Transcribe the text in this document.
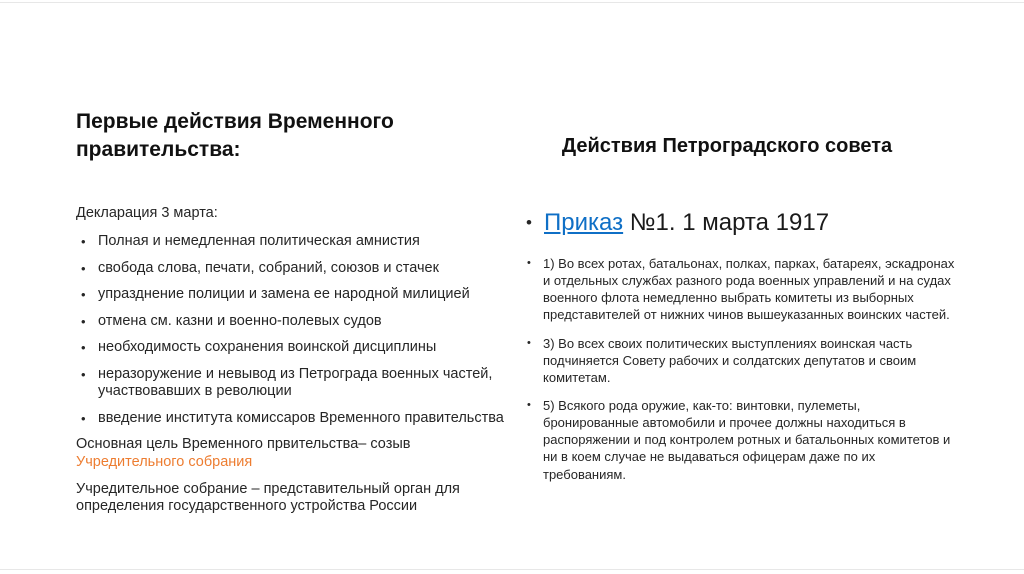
Первые действия Временного правительства:

Декларация 3 марта:

• Полная и немедленная политическая амнистия
• свобода слова, печати, собраний, союзов и стачек
• упразднение полиции и замена ее народной милицией
• отмена см. казни и военно-полевых судов
• необходимость сохранения воинской дисциплины
• неразоружение и невывод из Петрограда военных частей, участвовавших в революции
• введение института комиссаров Временного правительства

Основная цель Временного првительства– созыв Учредительного собрания

Учредительное собрание – представительный орган для определения государственного устройства России

Действия Петроградского совета
• Приказ №1. 1 марта 1917
• 1) Во всех ротах, батальонах, полках, парках, батареях, эскадронах и отдельных службах разного рода военных управлений и на судах военного флота немедленно выбрать комитеты из выборных представителей от нижних чинов вышеуказанных воинских частей.
• 3) Во всех своих политических выступлениях воинская часть подчиняется Совету рабочих и солдатских депутатов и своим комитетам.
• 5) Всякого рода оружие, как-то: винтовки, пулеметы, бронированные автомобили и прочее должны находиться в распоряжении и под контролем ротных и батальонных комитетов и ни в коем случае не выдаваться офицерам даже по их требованиям.
